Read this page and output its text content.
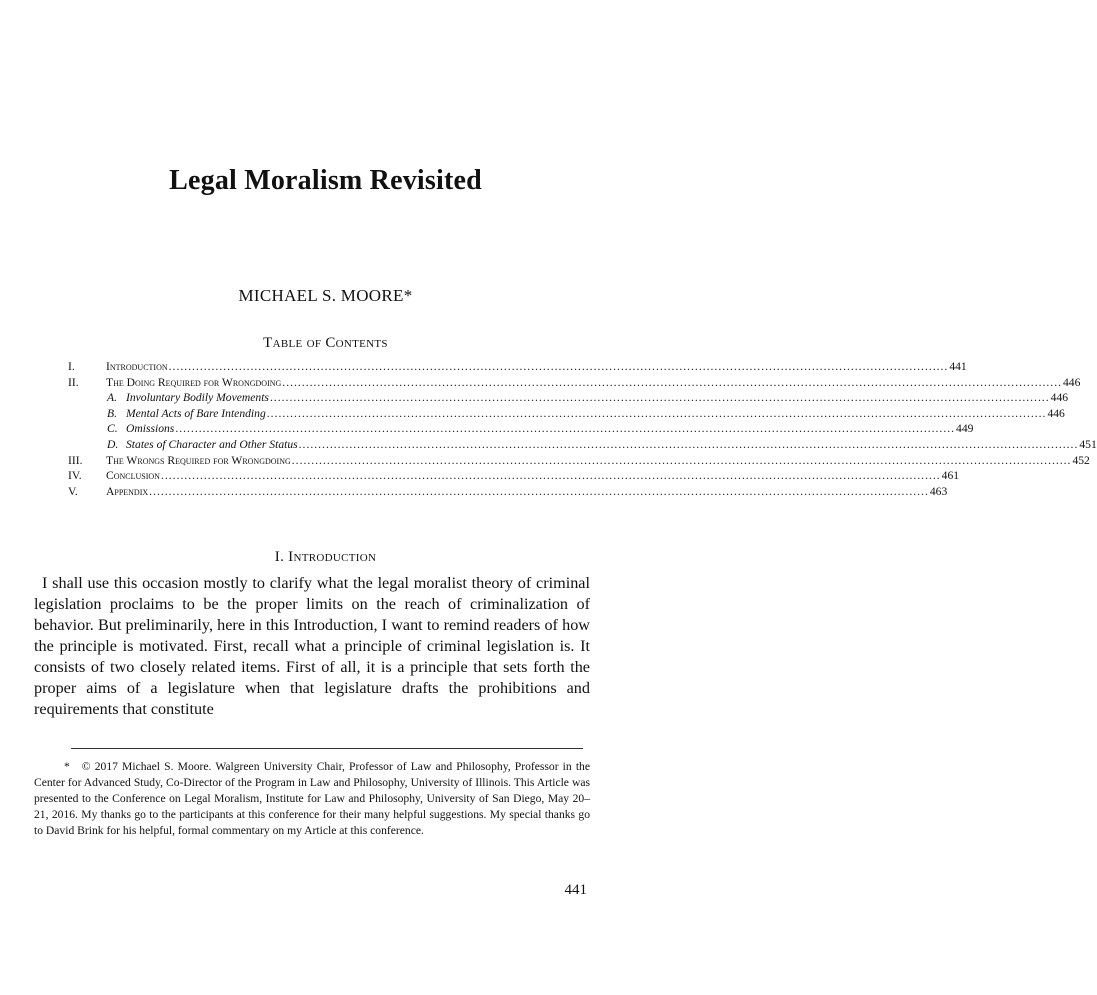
Legal Moralism Revisited
MICHAEL S. MOORE*
Table of Contents
I.	Introduction ........................................................................................................................................................................................................ 441
II. The Doing Required for Wrongdoing ........................................................................................................................................................................................................ 446
A. Involuntary Bodily Movements ........................................................................................................................................................................................................ 446
B. Mental Acts of Bare Intending ........................................................................................................................................................................................................ 446
C. Omissions ........................................................................................................................................................................................................ 449
D. States of Character and Other Status ........................................................................................................................................................................................................ 451
III. The Wrongs Required for Wrongdoing ........................................................................................................................................................................................................ 452
IV. Conclusion ........................................................................................................................................................................................................ 461
V. Appendix ........................................................................................................................................................................................................ 463
I. Introduction
I shall use this occasion mostly to clarify what the legal moralist theory of criminal legislation proclaims to be the proper limits on the reach of criminalization of behavior. But preliminarily, here in this Introduction, I want to remind readers of how the principle is motivated. First, recall what a principle of criminal legislation is. It consists of two closely related items. First of all, it is a principle that sets forth the proper aims of a legislature when that legislature drafts the prohibitions and requirements that constitute
* © 2017 Michael S. Moore. Walgreen University Chair, Professor of Law and Philosophy, Professor in the Center for Advanced Study, Co-Director of the Program in Law and Philosophy, University of Illinois. This Article was presented to the Conference on Legal Moralism, Institute for Law and Philosophy, University of San Diego, May 20–21, 2016. My thanks go to the participants at this conference for their many helpful suggestions. My special thanks go to David Brink for his helpful, formal commentary on my Article at this conference.
441
